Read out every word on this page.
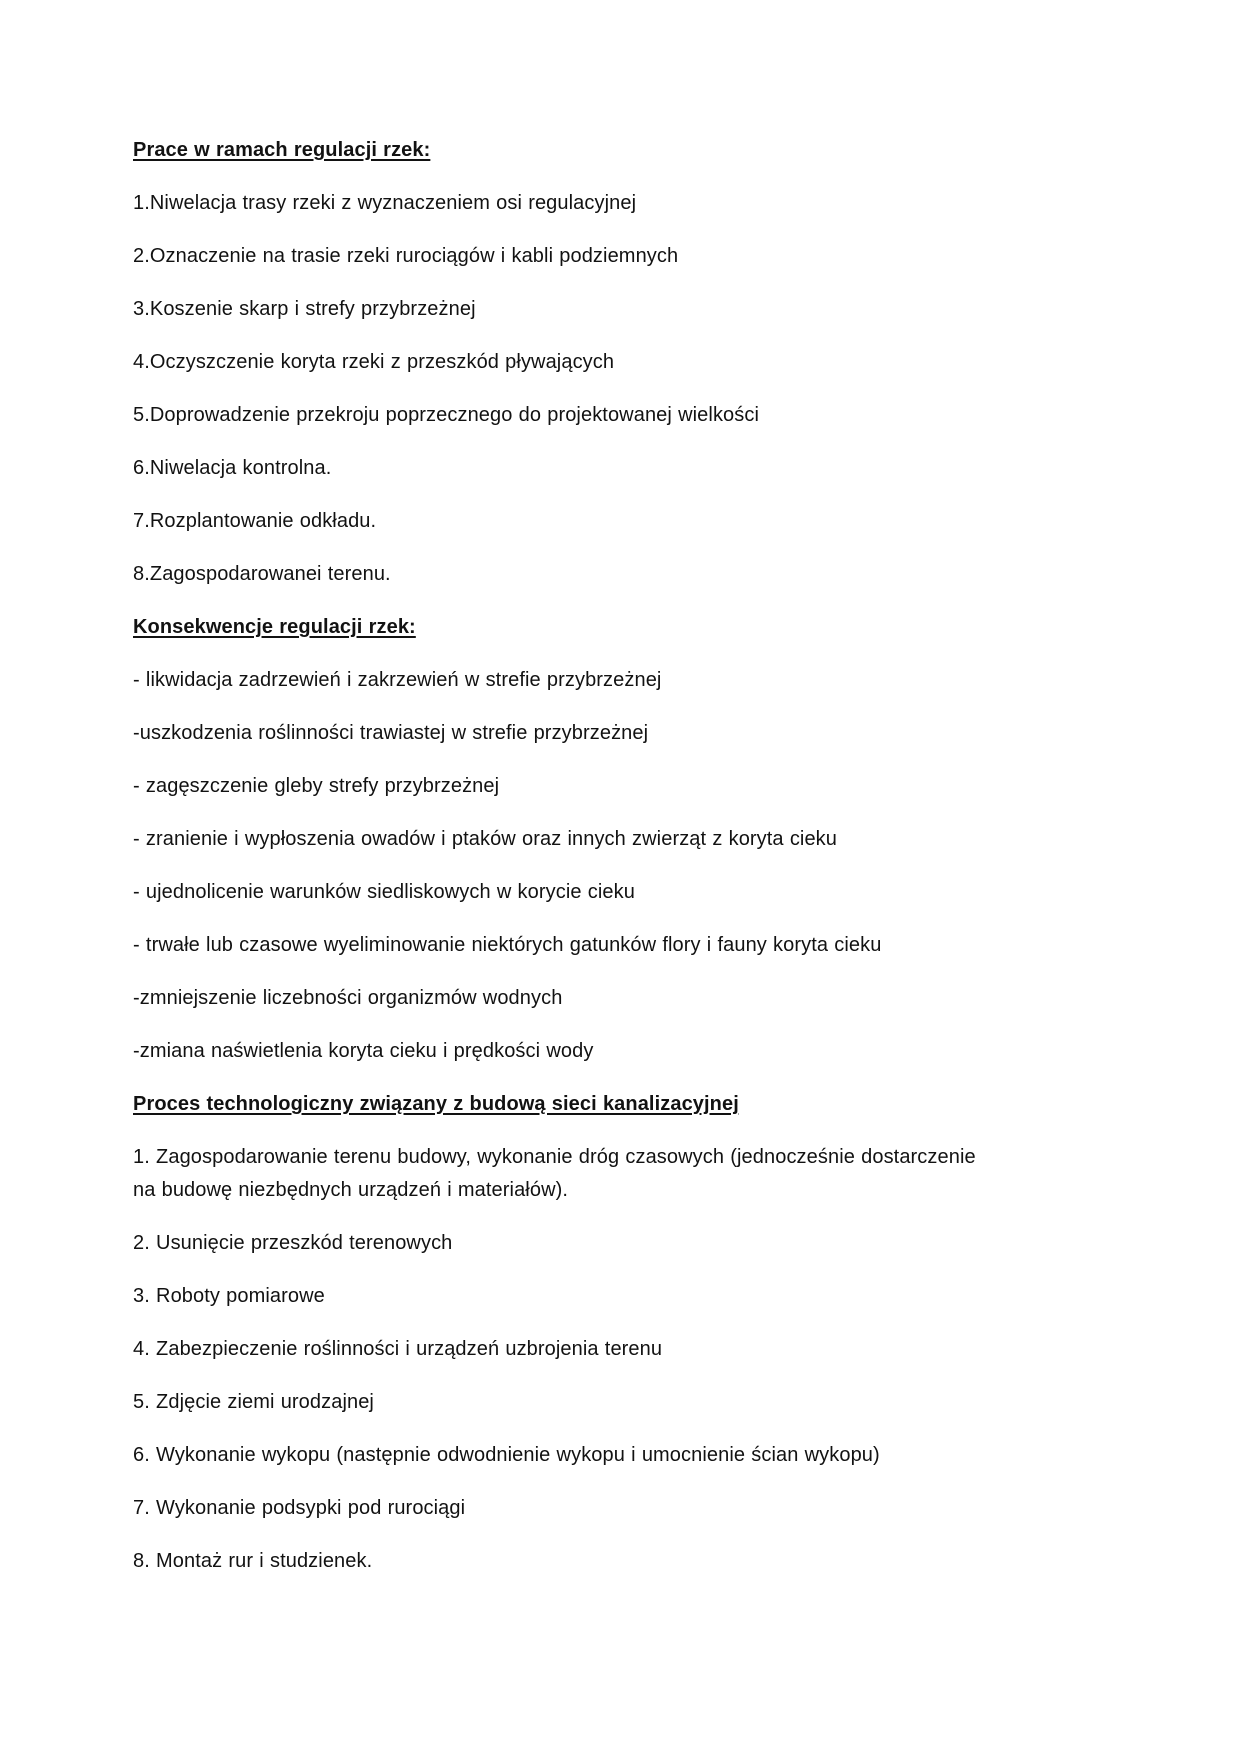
Prace w ramach regulacji rzek:

1.Niwelacja trasy rzeki z wyznaczeniem osi regulacyjnej

2.Oznaczenie na trasie rzeki rurociągów i kabli podziemnych

3.Koszenie skarp i strefy przybrzeżnej

4.Oczyszczenie koryta rzeki z przeszkód pływających

5.Doprowadzenie przekroju poprzecznego do projektowanej wielkości

6.Niwelacja kontrolna.

7.Rozplantowanie odkładu.

8.Zagospodarowanei terenu.

Konsekwencje regulacji rzek:

- likwidacja zadrzewień i zakrzewień w strefie przybrzeżnej

-uszkodzenia roślinności trawiastej w strefie przybrzeżnej

- zagęszczenie gleby strefy przybrzeżnej

- zranienie i wypłoszenia owadów i ptaków oraz innych zwierząt z koryta cieku

- ujednolicenie warunków siedliskowych w korycie cieku

- trwałe lub czasowe wyeliminowanie niektórych gatunków flory i fauny koryta cieku

-zmniejszenie liczebności organizmów wodnych

-zmiana naświetlenia koryta cieku i prędkości wody

Proces technologiczny związany z budową sieci kanalizacyjnej

1. Zagospodarowanie terenu budowy, wykonanie dróg czasowych (jednocześnie dostarczenie na budowę niezbędnych urządzeń i materiałów).

2. Usunięcie przeszkód terenowych

3. Roboty pomiarowe

4. Zabezpieczenie roślinności i urządzeń uzbrojenia terenu

5. Zdjęcie ziemi urodzajnej

6. Wykonanie wykopu (następnie odwodnienie wykopu i umocnienie ścian wykopu)

7. Wykonanie podsypki pod rurociągi

8. Montaż rur i studzienek.
